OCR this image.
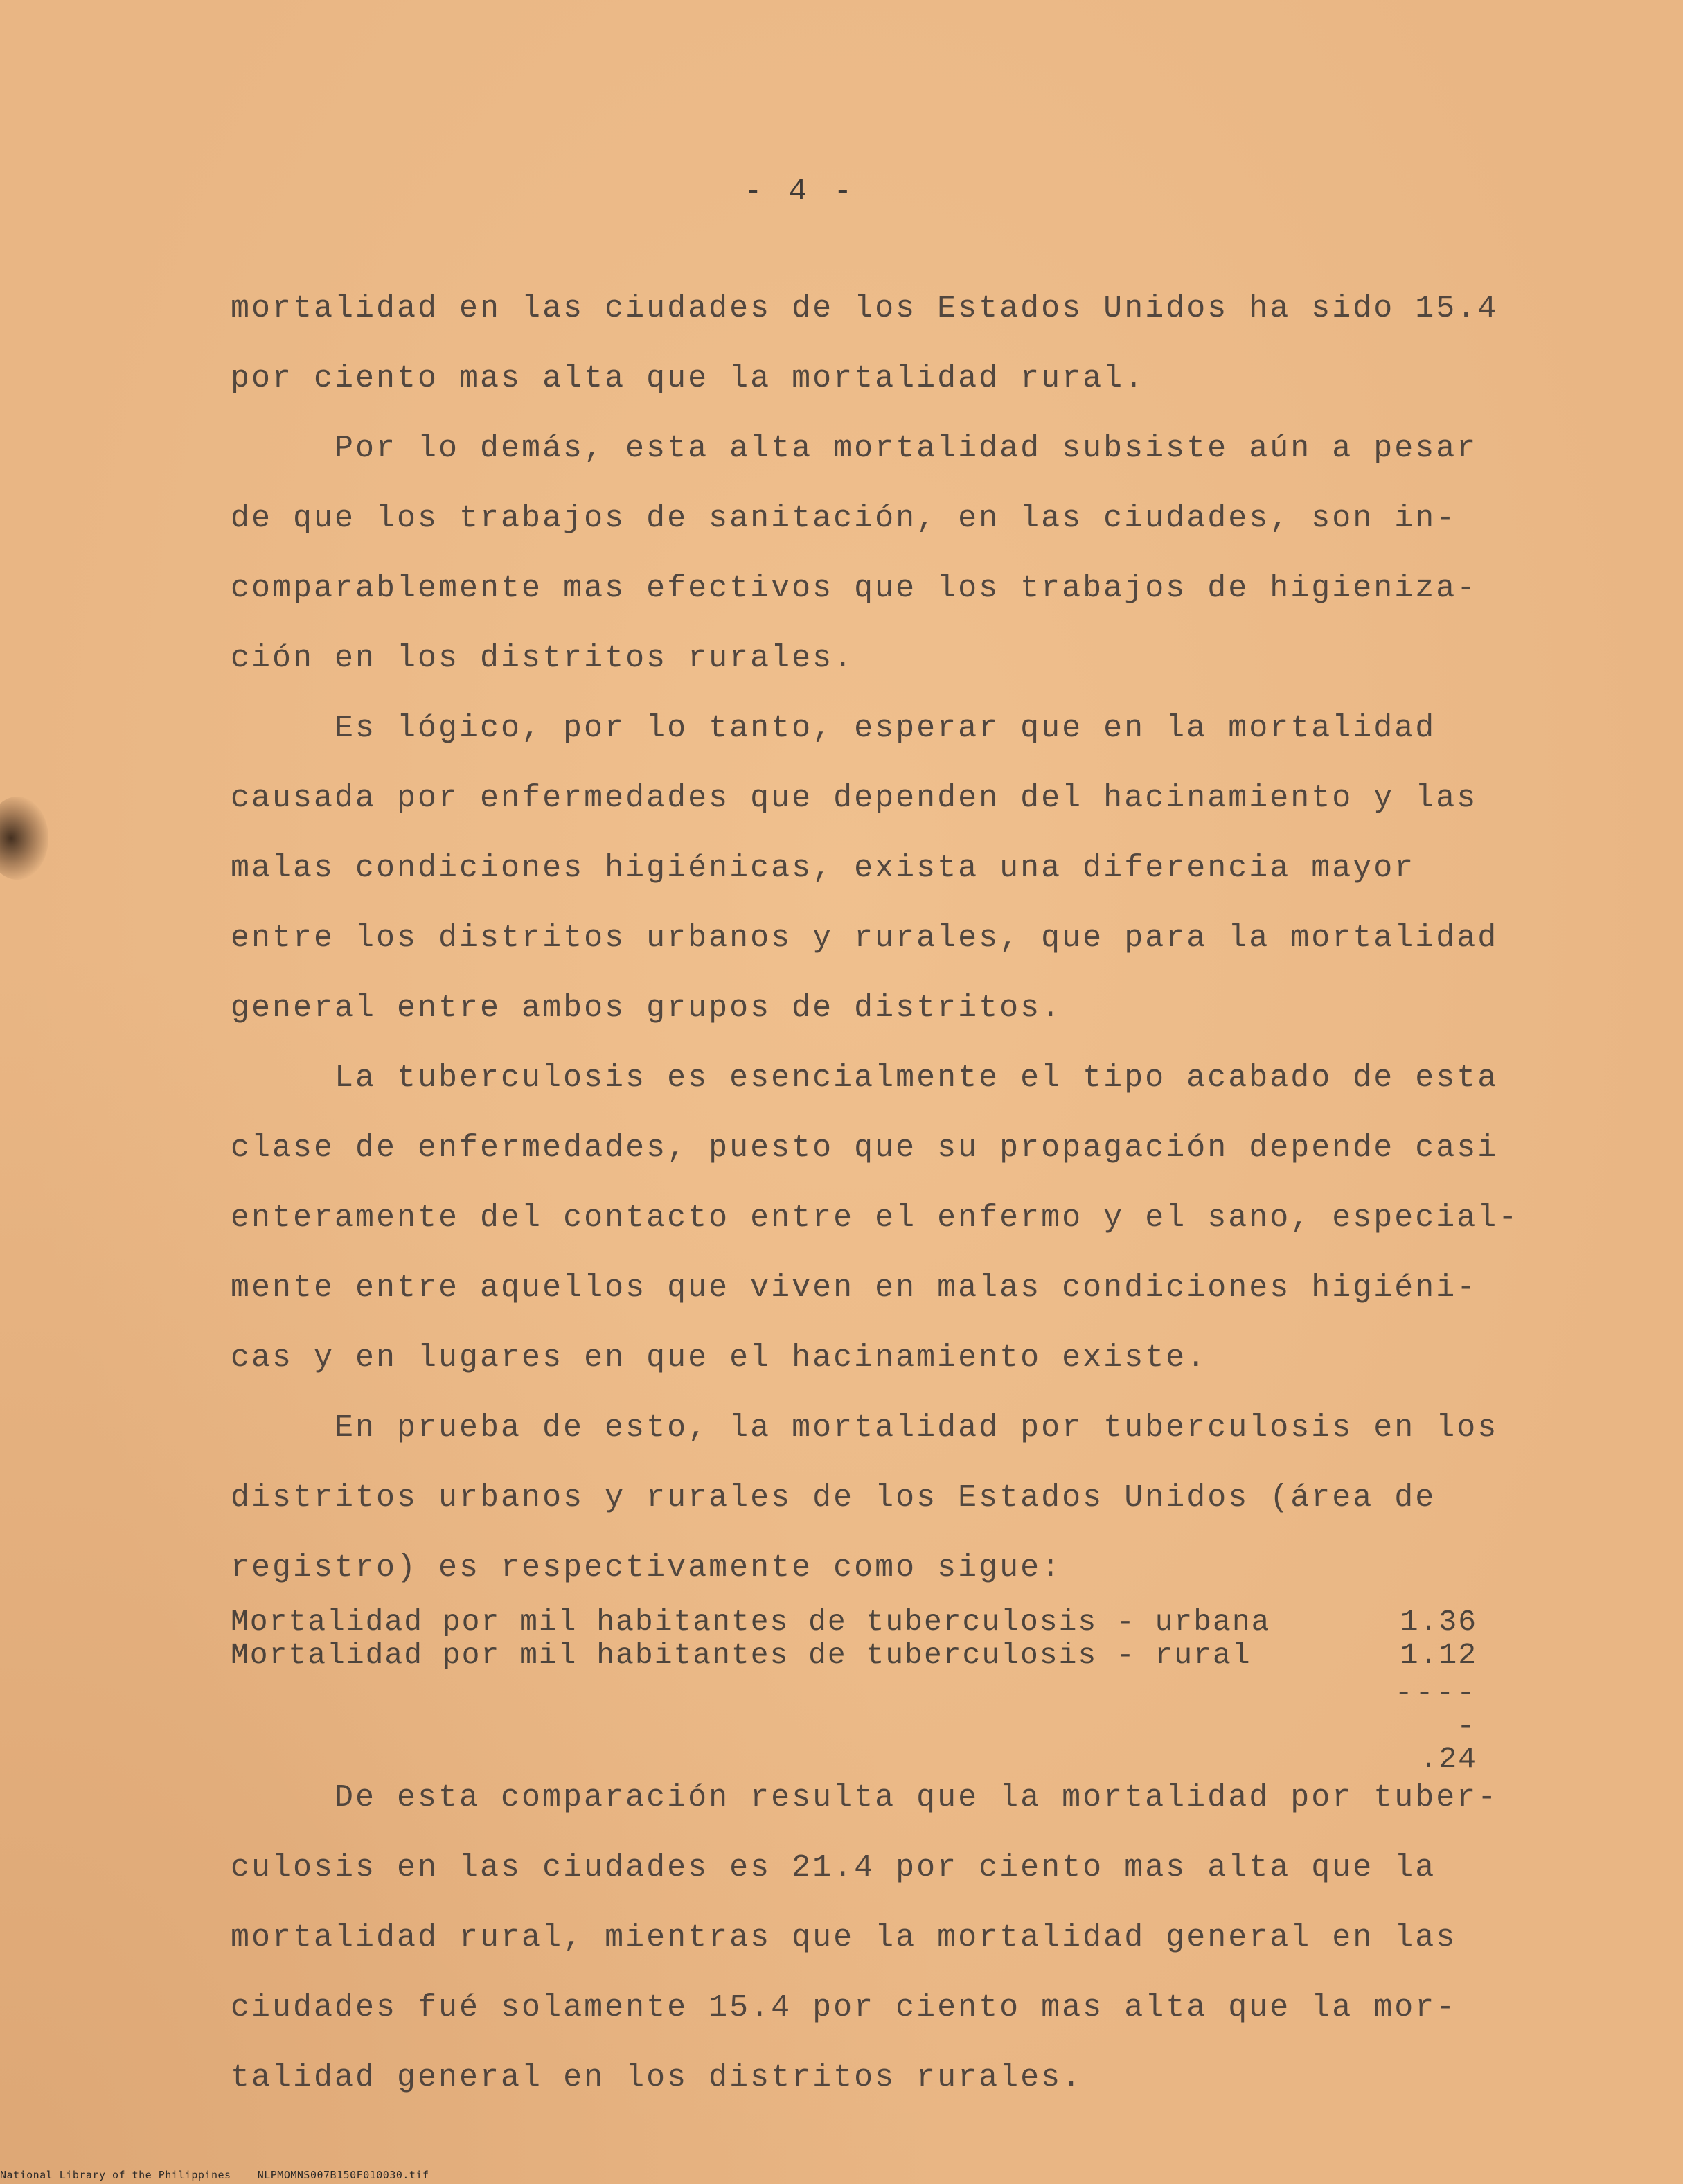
- 4 -
mortalidad en las ciudades de los Estados Unidos ha sido 15.4
por ciento mas alta que la mortalidad rural.
Por lo demás, esta alta mortalidad subsiste aún a pesar
de que los trabajos de sanitación, en las ciudades, son in-
comparablemente mas efectivos que los trabajos de higieniza-
ción en los distritos rurales.
Es lógico, por lo tanto, esperar que en la mortalidad
causada por enfermedades que dependen del hacinamiento y las
malas condiciones higiénicas, exista una diferencia mayor
entre los distritos urbanos y rurales, que para la mortalidad
general entre ambos grupos de distritos.
La tuberculosis es esencialmente el tipo acabado de esta
clase de enfermedades, puesto que su propagación depende casi
enteramente del contacto entre el enfermo y el sano, especial-
mente entre aquellos que viven en malas condiciones higiéni-
cas y en lugares en que el hacinamiento existe.
En prueba de esto, la mortalidad por tuberculosis en los
distritos urbanos y rurales de los Estados Unidos (área de
registro) es respectivamente como sigue:
Mortalidad por mil habitantes de tuberculosis - urbana	1.36
Mortalidad por mil habitantes de tuberculosis - rural	1.12
-----
.24
De esta comparación resulta que la mortalidad por tuber-
culosis en las ciudades es 21.4 por ciento mas alta que la
mortalidad rural, mientras que la mortalidad general en las
ciudades fué solamente 15.4 por ciento mas alta que la mor-
talidad general en los distritos rurales.
National Library of the Philippines    NLPMOMNS007B150F010030.tif
